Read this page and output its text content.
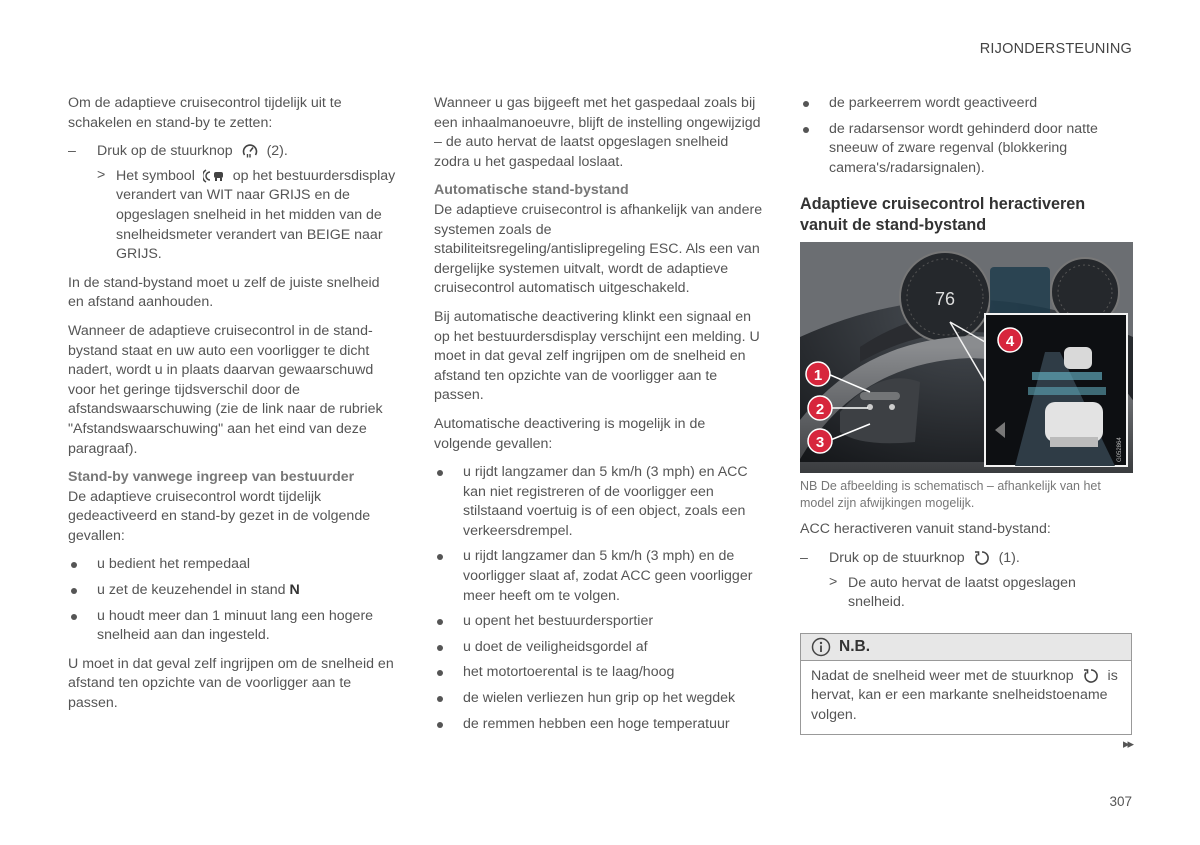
RIJONDERSTEUNING

Om de adaptieve cruisecontrol tijdelijk uit te schakelen en stand-by te zetten:

– Druk op de stuurknop (2).
> Het symbool	op het bestuurdersdisplay verandert van WIT naar GRIJS en de opgeslagen snelheid in het midden van de snelheidsmeter verandert van BEIGE naar GRIJS.

In de stand-bystand moet u zelf de juiste snelheid en afstand aanhouden.

Wanneer de adaptieve cruisecontrol in de stand-bystand staat en uw auto een voorligger te dicht nadert, wordt u in plaats daarvan gewaarschuwd voor het geringe tijdsverschil door de afstandswaarschuwing (zie de link naar de rubriek "Afstandswaarschuwing" aan het eind van deze paragraaf).

Stand-by vanwege ingreep van bestuurder

De adaptieve cruisecontrol wordt tijdelijk gedeactiveerd en stand-by gezet in de volgende gevallen:

u bedient het rempedaal
u zet de keuzehendel in stand N
u houdt meer dan 1 minuut lang een hogere snelheid aan dan ingesteld.

U moet in dat geval zelf ingrijpen om de snelheid en afstand ten opzichte van de voorligger aan te passen.

Wanneer u gas bijgeeft met het gaspedaal zoals bij een inhaalmanoeuvre, blijft de instelling ongewijzigd – de auto hervat de laatst opgeslagen snelheid zodra u het gaspedaal loslaat.

Automatische stand-bystand

De adaptieve cruisecontrol is afhankelijk van andere systemen zoals de stabiliteitsregeling/antislipregeling ESC. Als een van dergelijke systemen uitvalt, wordt de adaptieve cruisecontrol automatisch uitgeschakeld.

Bij automatische deactivering klinkt een signaal en op het bestuurdersdisplay verschijnt een melding. U moet in dat geval zelf ingrijpen om de snelheid en afstand ten opzichte van de voorligger aan te passen.

Automatische deactivering is mogelijk in de volgende gevallen:

u rijdt langzamer dan 5 km/h (3 mph) en ACC kan niet registreren of de voorligger een stilstaand voertuig is of een object, zoals een verkeersdrempel.
u rijdt langzamer dan 5 km/h (3 mph) en de voorligger slaat af, zodat ACC geen voorligger meer heeft om te volgen.
u opent het bestuurdersportier
u doet de veiligheidsgordel af
het motortoerental is te laag/hoog
de wielen verliezen hun grip op het wegdek
de remmen hebben een hoge temperatuur
de parkeerrem wordt geactiveerd
de radarsensor wordt gehinderd door natte sneeuw of zware regenval (blokkering camera's/radarsignalen).
Adaptieve cruisecontrol heractiveren vanuit de stand-bystand
76
G052864
1
2
3
4

NB De afbeelding is schematisch – afhankelijk van het model zijn afwijkingen mogelijk.

ACC heractiveren vanuit stand-bystand:

– Druk op de stuurknop (1).
> De auto hervat de laatst opgeslagen snelheid.
N.B.
Nadat de snelheid weer met de stuurknop is hervat, kan er een markante snelheidstoename volgen.
▸▸
307
